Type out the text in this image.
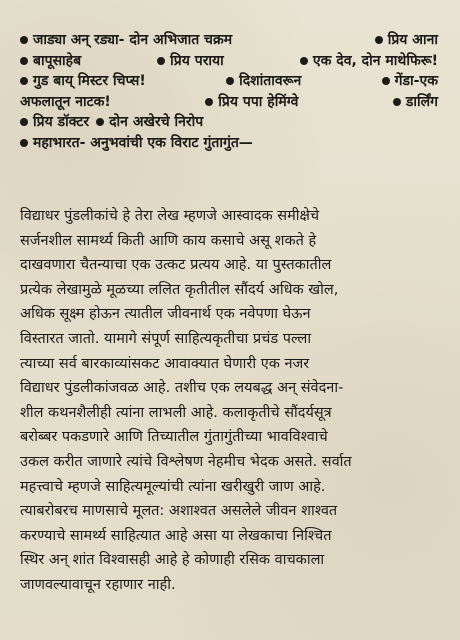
जाड्या अन् रड्या- दोन अभिजात चक्रम	प्रिय आना
बापूसाहेब	प्रिय पराया	एक देव, दोन माथेफिरू!
गुड बाय् मिस्टर चिप्स!	दिशांतावरून	गेंडा-एक
अफलातून नाटक!	प्रिय पपा हेमिंग्वे	डार्लिंग
प्रिय डॉक्टर दोन अखेरचे निरोप
महाभारत- अनुभवांची एक विराट गुंतागुंत—
विद्याधर पुंडलीकांचे हे तेरा लेख म्हणजे आस्वादक समीक्षेचे
सर्जनशील सामर्थ्य किती आणि काय कसाचे असू शकते हे
दाखवणारा चैतन्याचा एक उत्कट प्रत्यय आहे. या पुस्तकातील
प्रत्येक लेखामुळे मूळच्या ललित कृतीतील सौंदर्य अधिक खोल,
अधिक सूक्ष्म होऊन त्यातील जीवनार्थ एक नवेपणा घेऊन
विस्तारत जातो. यामागे संपूर्ण साहित्यकृतीचा प्रचंड पल्ला
त्याच्या सर्व बारकाव्यांसकट आवाक्यात घेणारी एक नजर
विद्याधर पुंडलीकांजवळ आहे. तशीच एक लयबद्ध अन् संवेदना-
शील कथनशैलीही त्यांना लाभली आहे. कलाकृतीचे सौंदर्यसूत्र
बरोब्बर पकडणारे आणि तिच्यातील गुंतागुंतीच्या भावविश्वाचे
उकल करीत जाणारे त्यांचे विश्लेषण नेहमीच भेदक असते. सर्वात
महत्त्वाचे म्हणजे साहित्यमूल्यांची त्यांना खरीखुरी जाण आहे.
त्याबरोबरच माणसाचे मूलत: अशाश्वत असलेले जीवन शाश्वत
करण्याचे सामर्थ्य साहित्यात आहे असा या लेखकाचा निश्चित
स्थिर अन् शांत विश्वासही आहे हे कोणाही रसिक वाचकाला
जाणवल्यावाचून रहाणार नाही.
